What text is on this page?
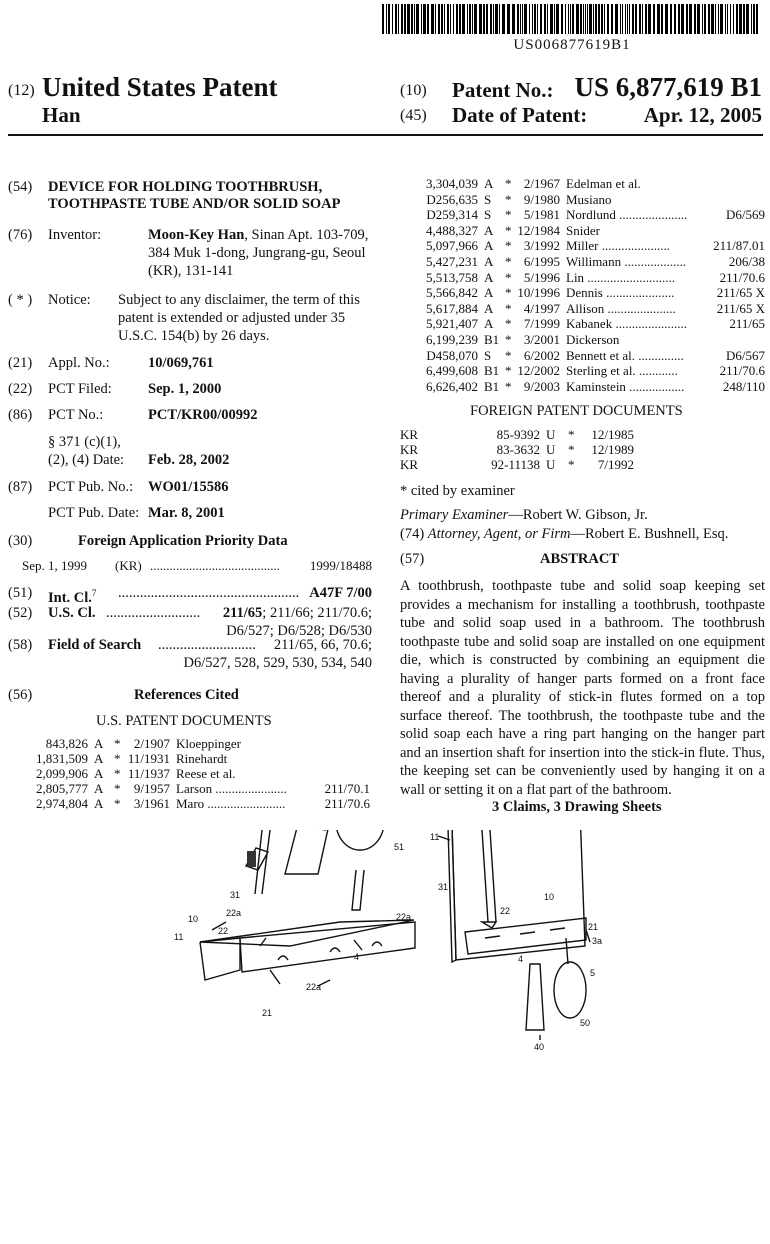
US006877619B1
(12) United States Patent
Han
(10) Patent No.: US 6,877,619 B1
(45) Date of Patent:	Apr. 12, 2005
(54) DEVICE FOR HOLDING TOOTHBRUSH,
TOOTHPASTE TUBE AND/OR SOLID SOAP
(76) Inventor:	Moon-Key Han, Sinan Apt. 103-709,
384 Muk 1-dong, Jungrang-gu, Seoul
(KR), 131-141
( * ) Notice: Subject to any disclaimer, the term of this
patent is extended or adjusted under 35
U.S.C. 154(b) by 26 days.
(21) Appl. No.:	10/069,761
(22) PCT Filed: Sep. 1, 2000
(86) PCT No.:	PCT/KR00/00992
§ 371 (c)(1),
(2), (4) Date: Feb. 28, 2002
(87) PCT Pub. No.: WO01/15586
PCT Pub. Date: Mar. 8, 2001
(30)	Foreign Application Priority Data
Sep. 1, 1999 (KR) ........................................ 1999/18488
(51) Int. Cl.$^7$ .................................................. A47F 7/00
(52) U.S. Cl. .......................... 211/65; 211/66; 211/70.6;
D6/527; D6/528; D6/530
(58) Field of Search ........................... 211/65, 66, 70.6;
D6/527, 528, 529, 530, 534, 540
(56)	References Cited
U.S. PATENT DOCUMENTS
843,826 A *	2/1907 Kloeppinger
1,831,509 A * 11/1931 Rinehardt
2,099,906 A * 11/1937 Reese et al.
2,805,777 A *	9/1957 Larson ......................	211/70.1
2,974,804 A *	3/1961 Maro ........................	211/70.6
3,304,039 A * 2/1967 Edelman et al.
D256,635 S	* 9/1980 Musiano
D259,314 S	* 5/1981 Nordlund .....................	D6/569
4,488,327 A * 12/1984 Snider
5,097,966 A * 3/1992 Miller .....................	211/87.01
5,427,231 A * 6/1995 Willimann ...................	206/38
5,513,758 A * 5/1996 Lin ...........................	211/70.6
5,566,842 A * 10/1996 Dennis .....................	211/65 X
5,617,884 A * 4/1997 Allison .....................	211/65 X
5,921,407 A * 7/1999 Kabanek ......................	211/65
6,199,239 B1 * 3/2001 Dickerson
D458,070 S	* 6/2002 Bennett et al. ..............	D6/567
6,499,608 B1 * 12/2002 Sterling et al. ............	211/70.6
6,626,402 B1 * 9/2003 Kaminstein .................	248/110
FOREIGN PATENT DOCUMENTS
KR	85-9392 U *	12/1985
KR	83-3632 U *	12/1989
KR	92-11138 U *	7/1992
* cited by examiner
Primary Examiner—Robert W. Gibson, Jr.
(74) Attorney, Agent, or Firm—Robert E. Bushnell, Esq.
(57)	ABSTRACT
A toothbrush, toothpaste tube and solid soap keeping set provides a mechanism for installing a toothbrush, toothpaste tube and solid soap used in a bathroom. The toothbrush toothpaste tube and solid soap are installed on one equipment die, which is constructed by combining an equipment die having a plurality of hanger parts formed on a front face thereof and a plurality of stick-in flutes formed on a top surface thereof. The toothbrush, the toothpaste tube and the solid soap each have a ring part hanging on the hanger part and an insertion shaft for insertion into the stick-in flute. Thus, the keeping set can be conveniently used by hanging it on a wall or setting it on a flat part of the bathroom.
3 Claims, 3 Drawing Sheets
51
31
22a
10
11
22
22a
4
22a
21
11
31
22
10
21
3a
4
5
50
40
